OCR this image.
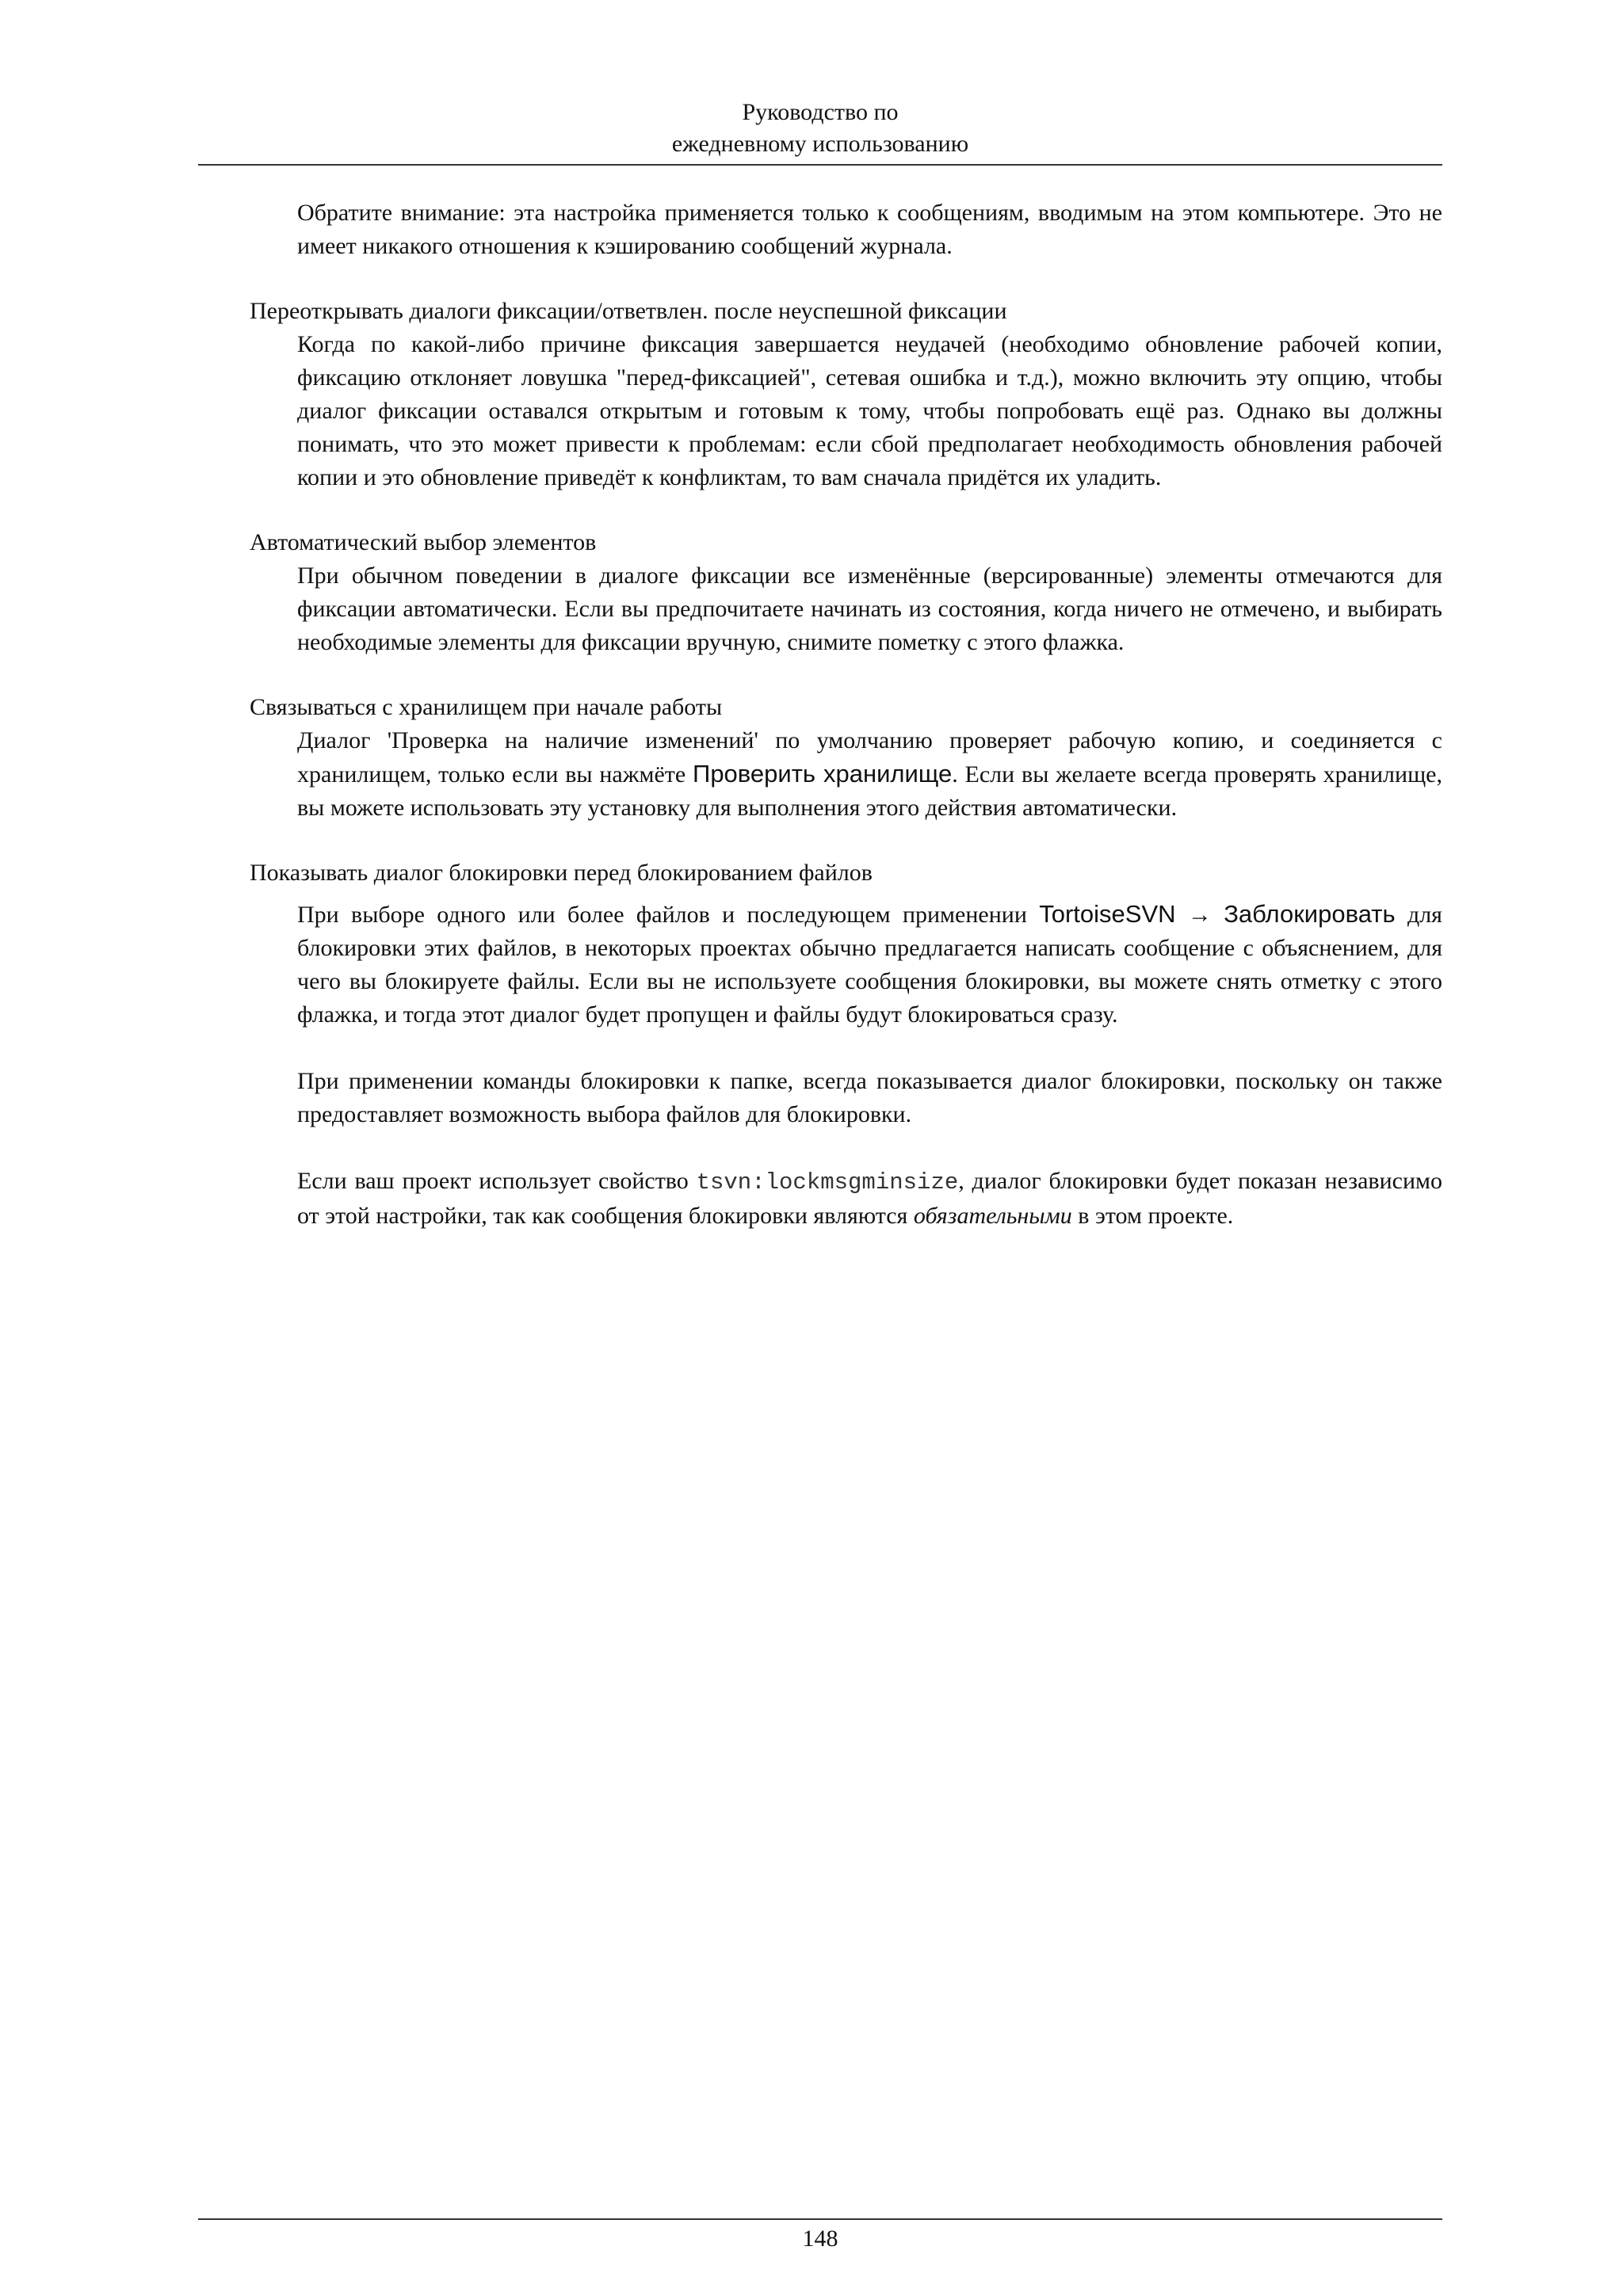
Руководство по
ежедневному использованию

Обратите внимание: эта настройка применяется только к сообщениям, вводимым на этом компьютере. Это не имеет никакого отношения к кэшированию сообщений журнала.

Переоткрывать диалоги фиксации/ответвлен. после неуспешной фиксации

Когда по какой-либо причине фиксация завершается неудачей (необходимо обновление рабочей копии, фиксацию отклоняет ловушка "перед-фиксацией", сетевая ошибка и т.д.), можно включить эту опцию, чтобы диалог фиксации оставался открытым и готовым к тому, чтобы попробовать ещё раз. Однако вы должны понимать, что это может привести к проблемам: если сбой предполагает необходимость обновления рабочей копии и это обновление приведёт к конфликтам, то вам сначала придётся их уладить.

Автоматический выбор элементов

При обычном поведении в диалоге фиксации все изменённые (версированные) элементы отмечаются для фиксации автоматически. Если вы предпочитаете начинать из состояния, когда ничего не отмечено, и выбирать необходимые элементы для фиксации вручную, снимите пометку с этого флажка.

Связываться с хранилищем при начале работы

Диалог 'Проверка на наличие изменений' по умолчанию проверяет рабочую копию, и соединяется с хранилищем, только если вы нажмёте Проверить хранилище. Если вы желаете всегда проверять хранилище, вы можете использовать эту установку для выполнения этого действия автоматически.

Показывать диалог блокировки перед блокированием файлов

При выборе одного или более файлов и последующем применении TortoiseSVN → Заблокировать для блокировки этих файлов, в некоторых проектах обычно предлагается написать сообщение с объяснением, для чего вы блокируете файлы. Если вы не используете сообщения блокировки, вы можете снять отметку с этого флажка, и тогда этот диалог будет пропущен и файлы будут блокироваться сразу.

При применении команды блокировки к папке, всегда показывается диалог блокировки, поскольку он также предоставляет возможность выбора файлов для блокировки.

Если ваш проект использует свойство tsvn:lockmsgminsize, диалог блокировки будет показан независимо от этой настройки, так как сообщения блокировки являются обязательными в этом проекте.

148
